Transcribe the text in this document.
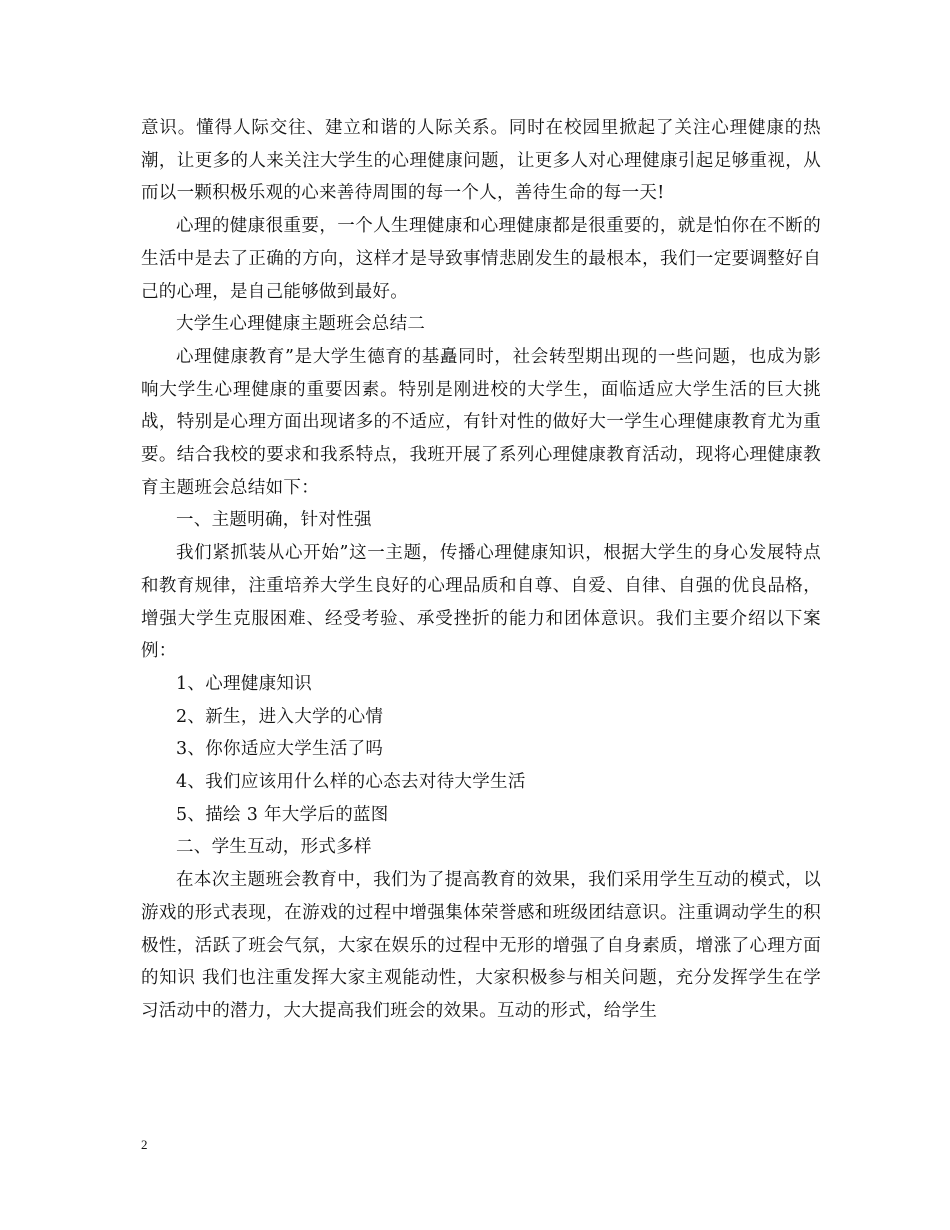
意识。懂得人际交往、建立和谐的人际关系。同时在校园里掀起了关注心理健康的热潮，让更多的人来关注大学生的心理健康问题，让更多人对心理健康引起足够重视，从而以一颗积极乐观的心来善待周围的每一个人，善待生命的每一天!

心理的健康很重要，一个人生理健康和心理健康都是很重要的，就是怕你在不断的生活中是去了正确的方向，这样才是导致事情悲剧发生的最根本，我们一定要调整好自己的心理，是自己能够做到最好。

大学生心理健康主题班会总结二

心理健康教育”是大学生德育的基矗同时，社会转型期出现的一些问题，也成为影响大学生心理健康的重要因素。特别是刚进校的大学生，面临适应大学生活的巨大挑战，特别是心理方面出现诸多的不适应，有针对性的做好大一学生心理健康教育尤为重要。结合我校的要求和我系特点，我班开展了系列心理健康教育活动，现将心理健康教育主题班会总结如下：

一、主题明确，针对性强

我们紧抓装从心开始”这一主题，传播心理健康知识，根据大学生的身心发展特点和教育规律，注重培养大学生良好的心理品质和自尊、自爱、自律、自强的优良品格，增强大学生克服困难、经受考验、承受挫折的能力和团体意识。我们主要介绍以下案例：

1、心理健康知识

2、新生，进入大学的心情

3、你你适应大学生活了吗

4、我们应该用什么样的心态去对待大学生活

5、描绘 3 年大学后的蓝图

二、学生互动，形式多样

在本次主题班会教育中，我们为了提高教育的效果，我们采用学生互动的模式，以游戏的形式表现，在游戏的过程中增强集体荣誉感和班级团结意识。注重调动学生的积极性，活跃了班会气氛，大家在娱乐的过程中无形的增强了自身素质，增涨了心理方面的知识 我们也注重发挥大家主观能动性，大家积极参与相关问题，充分发挥学生在学习活动中的潜力，大大提高我们班会的效果。互动的形式，给学生

2
